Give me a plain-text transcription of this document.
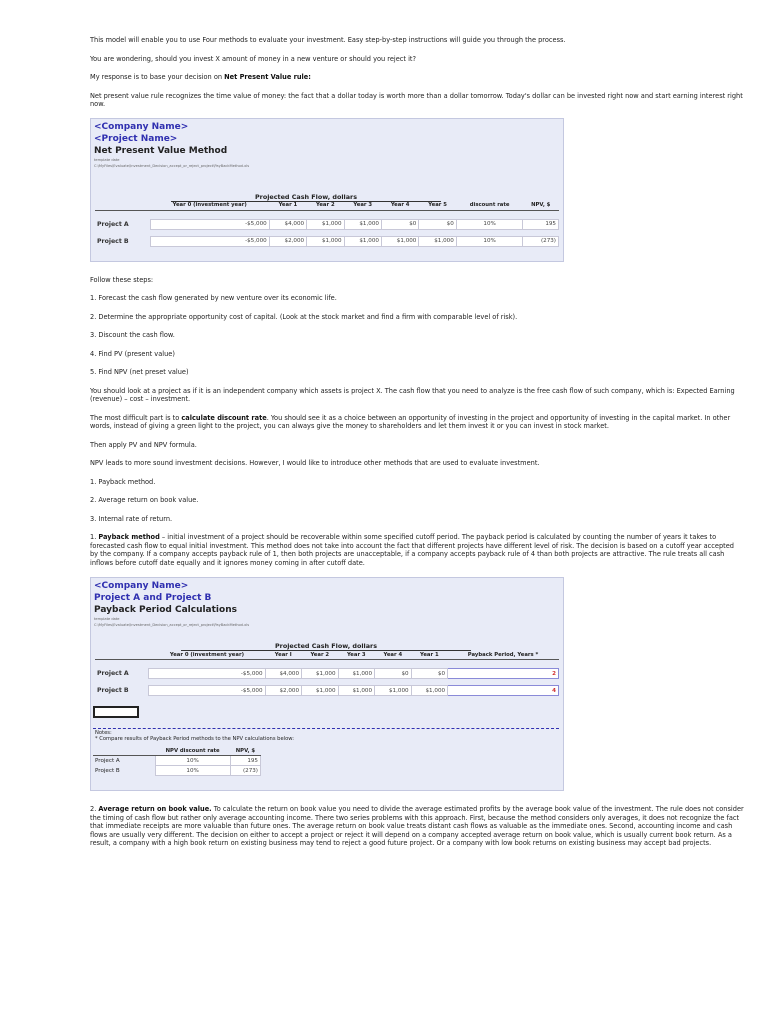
This model will enable you to use Four methods to evaluate your investment. Easy step-by-step instructions will guide you through the process.

You are wondering, should you invest X amount of money in a new venture or should you reject it?

My response is to base your decision on Net Present Value rule:

Net present value rule recognizes the time value of money: the fact that a dollar today is worth more than a dollar tomorrow. Today's dollar can be invested right now and start earning interest right now.

<Company Name>
<Project Name>
Net Present Value Method
template date
C:\MyFiles\Evaluate\Investment_Decision_accept_or_reject_project\PayBackMethod.xls
Projected Cash Flow, dollars
	Year 0 (investment year)	Year 1	Year 2	Year 3	Year 4	Year 5	discount rate	NPV, $

Project A	-$5,000	$4,000	$1,000	$1,000	$0	$0	10%	195

Project B	-$5,000	$2,000	$1,000	$1,000	$1,000	$1,000	10%	(273)

Follow these steps:

1. Forecast the cash flow generated by new venture over its economic life.

2. Determine the appropriate opportunity cost of capital. (Look at the stock market and find a firm with comparable level of risk).

3. Discount the cash flow.

4. Find PV (present value)

5. Find NPV (net preset value)

You should look at a project as if it is an independent company which assets is project X. The cash flow that you need to analyze is the free cash flow of such company, which is: Expected Earning (revenue) – cost – investment.

The most difficult part is to calculate discount rate. You should see it as a choice between an opportunity of investing in the project and opportunity of investing in the capital market. In other words, instead of giving a green light to the project, you can always give the money to shareholders and let them invest it or you can invest in stock market.

Then apply PV and NPV formula.

NPV leads to more sound investment decisions. However, I would like to introduce other methods that are used to evaluate investment.

1. Payback method.

2. Average return on book value.

3. Internal rate of return.

1. Payback method – initial investment of a project should be recoverable within some specified cutoff period. The payback period is calculated by counting the number of years it takes to forecasted cash flow to equal initial investment. This method does not take into account the fact that different projects have different level of risk. The decision is based on a cutoff year accepted by the company. If a company accepts payback rule of 1, then both projects are unacceptable, if a company accepts payback rule of 4 than both projects are attractive. The rule treats all cash inflows before cutoff date equally and it ignores money coming in after cutoff date.

<Company Name>
Project A and Project B
Payback Period Calculations
template date
C:\MyFiles\Evaluate\Investment_Decision_accept_or_reject_project\PayBackMethod.xls
Projected Cash Flow, dollars
	Year 0 (investment year)	Year I	Year 2	Year 3	Year 4	Year 1	Payback Period, Years *

Project A	-$5,000	$4,000	$1,000	$1,000	$0	$0	2

Project B	-$5,000	$2,000	$1,000	$1,000	$1,000	$1,000	4
Notes:
* Compare results of Payback Period methods to the NPV calculations below:
	NPV discount rate	NPV, $
Project A	10%	195
Project B	10%	(273)

2. Average return on book value. To calculate the return on book value you need to divide the average estimated profits by the average book value of the investment. The rule does not consider the timing of cash flow but rather only average accounting income. There two series problems with this approach. First, because the method considers only averages, it does not recognize the fact that immediate receipts are more valuable than future ones. The average return on book value treats distant cash flows as valuable as the immediate ones. Second, accounting income and cash flows are usually very different. The decision on either to accept a project or reject it will depend on a company accepted average return on book value, which is usually current book return. As a result, a company with a high book return on existing business may tend to reject a good future project. Or a company with low book returns on existing business may accept bad projects.
